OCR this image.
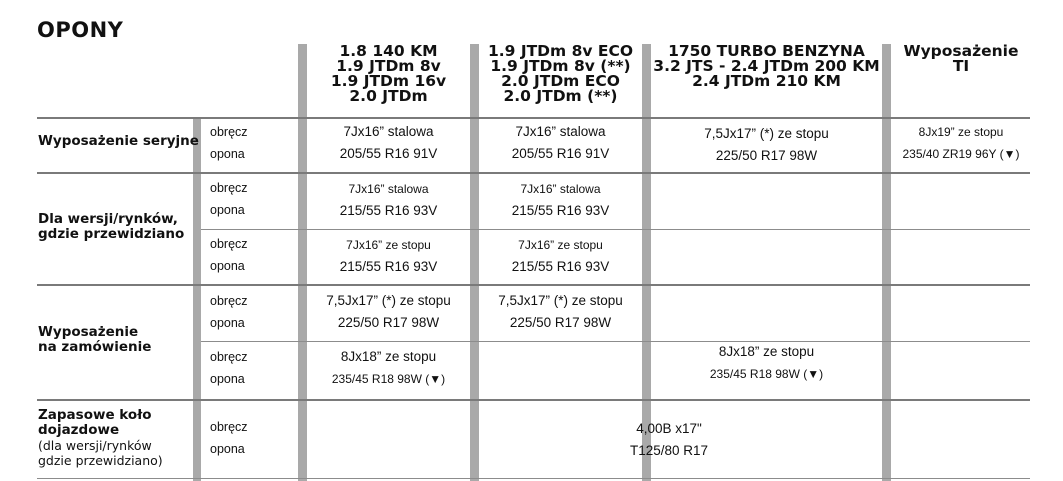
OPONY
1.8 140 KM
1.9 JTDm 8v
1.9 JTDm 16v
2.0 JTDm
1.9 JTDm 8v ECO
1.9 JTDm 8v (**)
2.0 JTDm ECO
2.0 JTDm (**)
1750 TURBO BENZYNA
3.2 JTS - 2.4 JTDm 200 KM
2.4 JTDm 210 KM
Wyposażenie
TI
Wyposażenie seryjne
obręcz
opona
7Jx16” stalowa
205/55 R16 91V
7Jx16” stalowa
205/55 R16 91V
7,5Jx17” (*) ze stopu
225/50 R17 98W
8Jx19” ze stopu
235/40 ZR19 96Y (▼)
Dla wersji/rynków,
gdzie przewidziano
obręcz
opona
7Jx16” stalowa
215/55 R16 93V
7Jx16” stalowa
215/55 R16 93V
obręcz
opona
7Jx16” ze stopu
215/55 R16 93V
7Jx16” ze stopu
215/55 R16 93V
Wyposażenie
na zamówienie
obręcz
opona
7,5Jx17” (*) ze stopu
225/50 R17 98W
7,5Jx17” (*) ze stopu
225/50 R17 98W
obręcz
opona
8Jx18” ze stopu
235/45 R18 98W (▼)
8Jx18” ze stopu
235/45 R18 98W (▼)
Zapasowe koło
dojazdowe
(dla wersji/rynków
gdzie przewidziano)
obręcz
opona
4,00B x17"
T125/80 R17
